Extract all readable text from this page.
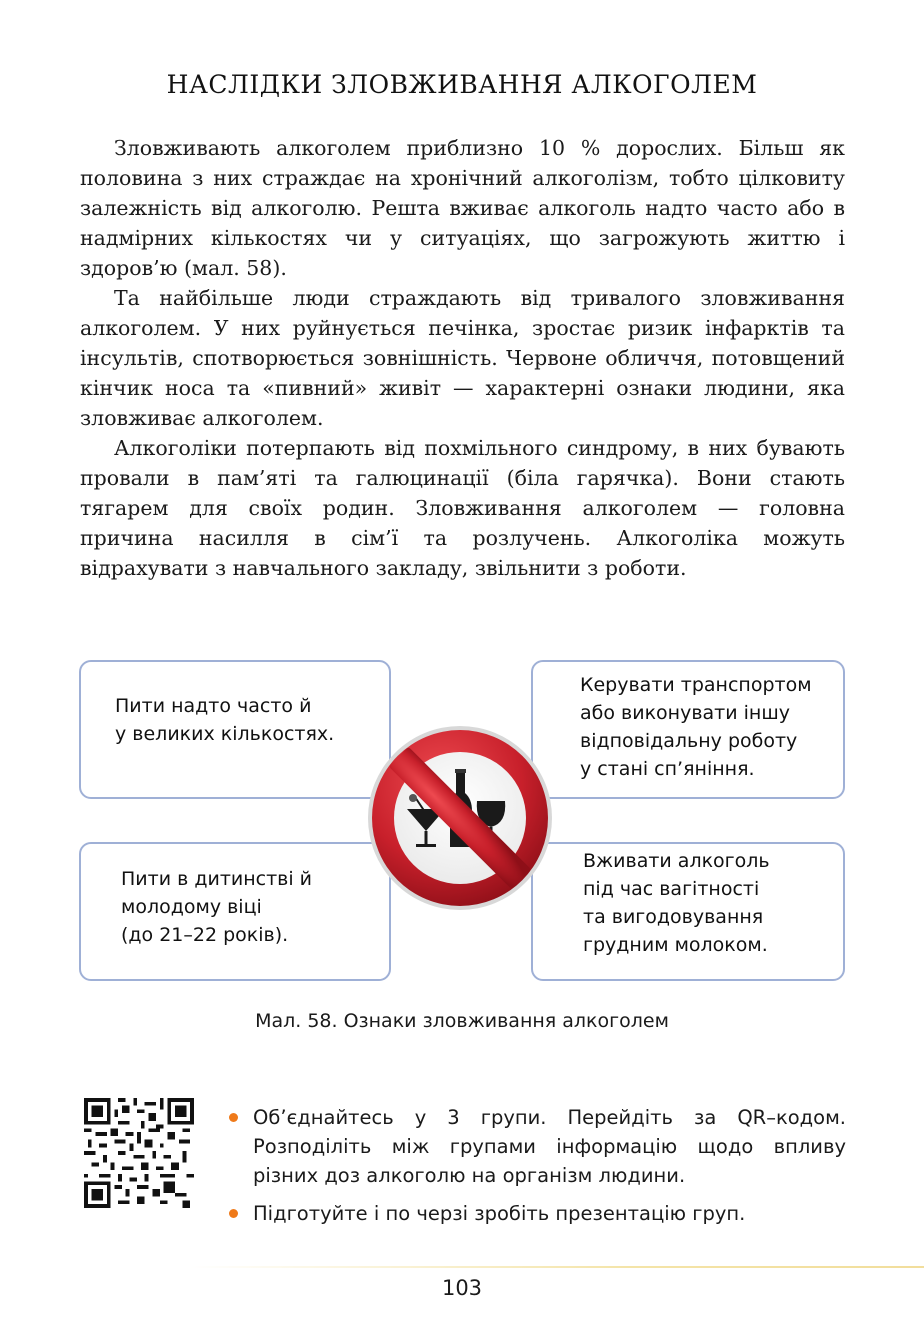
НАСЛІДКИ ЗЛОВЖИВАННЯ АЛКОГОЛЕМ

Зловживають алкоголем приблизно 10 % дорослих. Більш як половина з них страждає на хронічний алкоголізм, тобто цілковиту залежність від алкоголю. Решта вживає алкоголь надто часто або в надмірних кількостях чи у ситуаціях, що загрожують життю і здоров’ю (мал. 58).

Та найбільше люди страждають від тривалого зловживання алкоголем. У них руйнується печінка, зростає ризик інфарктів та інсультів, спотворюється зовнішність. Червоне обличчя, потовщений кінчик носа та «пивний» живіт — характерні ознаки людини, яка зловживає алкоголем.

Алкоголіки потерпають від похмільного синдрому, в них бувають провали в пам’яті та галюцинації (біла гарячка). Вони стають тягарем для своїх родин. Зловживання алкоголем — головна причина насилля в сім’ї та розлучень. Алкоголіка можуть відрахувати з навчального закладу, звільнити з роботи.

Пити надто часто й
у великих кількостях.
Керувати транспортом
або виконувати іншу
відповідальну роботу
у стані сп’яніння.
Пити в дитинстві й
молодому віці
(до 21–22 років).
Вживати алкоголь
під час вагітності
та вигодовування
грудним молоком.
Мал. 58. Ознаки зловживання алкоголем
Об’єднайтесь у 3 групи. Перейдіть за QR–кодом. Розподіліть між групами інформацію щодо впливу різних доз алкоголю на організм людини.
Підготуйте і по черзі зробіть презентацію груп.
103
